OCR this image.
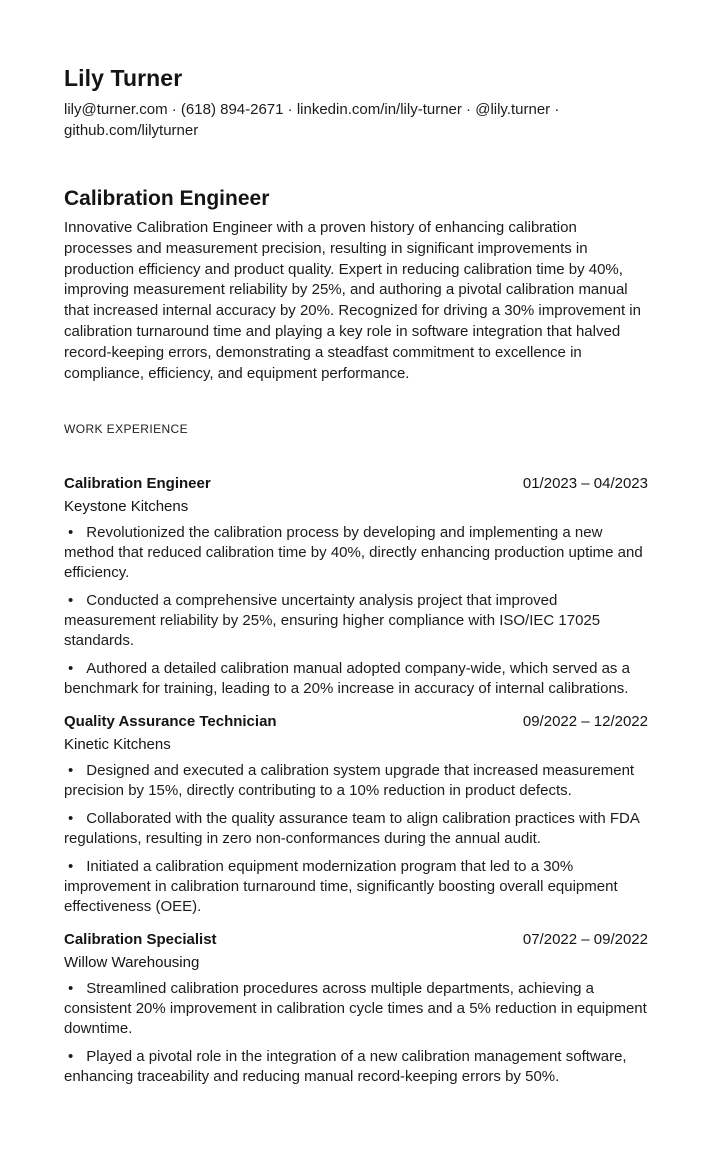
Lily Turner
lily@turner.com · (618) 894-2671 · linkedin.com/in/lily-turner · @lily.turner · github.com/lilyturner
Calibration Engineer
Innovative Calibration Engineer with a proven history of enhancing calibration processes and measurement precision, resulting in significant improvements in production efficiency and product quality. Expert in reducing calibration time by 40%, improving measurement reliability by 25%, and authoring a pivotal calibration manual that increased internal accuracy by 20%. Recognized for driving a 30% improvement in calibration turnaround time and playing a key role in software integration that halved record-keeping errors, demonstrating a steadfast commitment to excellence in compliance, efficiency, and equipment performance.
WORK EXPERIENCE
Calibration Engineer	01/2023 – 04/2023
Keystone Kitchens

• Revolutionized the calibration process by developing and implementing a new method that reduced calibration time by 40%, directly enhancing production uptime and efficiency.

• Conducted a comprehensive uncertainty analysis project that improved measurement reliability by 25%, ensuring higher compliance with ISO/IEC 17025 standards.

• Authored a detailed calibration manual adopted company-wide, which served as a benchmark for training, leading to a 20% increase in accuracy of internal calibrations.

Quality Assurance Technician	09/2022 – 12/2022
Kinetic Kitchens

• Designed and executed a calibration system upgrade that increased measurement precision by 15%, directly contributing to a 10% reduction in product defects.

• Collaborated with the quality assurance team to align calibration practices with FDA regulations, resulting in zero non-conformances during the annual audit.

• Initiated a calibration equipment modernization program that led to a 30% improvement in calibration turnaround time, significantly boosting overall equipment effectiveness (OEE).

Calibration Specialist	07/2022 – 09/2022
Willow Warehousing

• Streamlined calibration procedures across multiple departments, achieving a consistent 20% improvement in calibration cycle times and a 5% reduction in equipment downtime.

• Played a pivotal role in the integration of a new calibration management software, enhancing traceability and reducing manual record-keeping errors by 50%.
